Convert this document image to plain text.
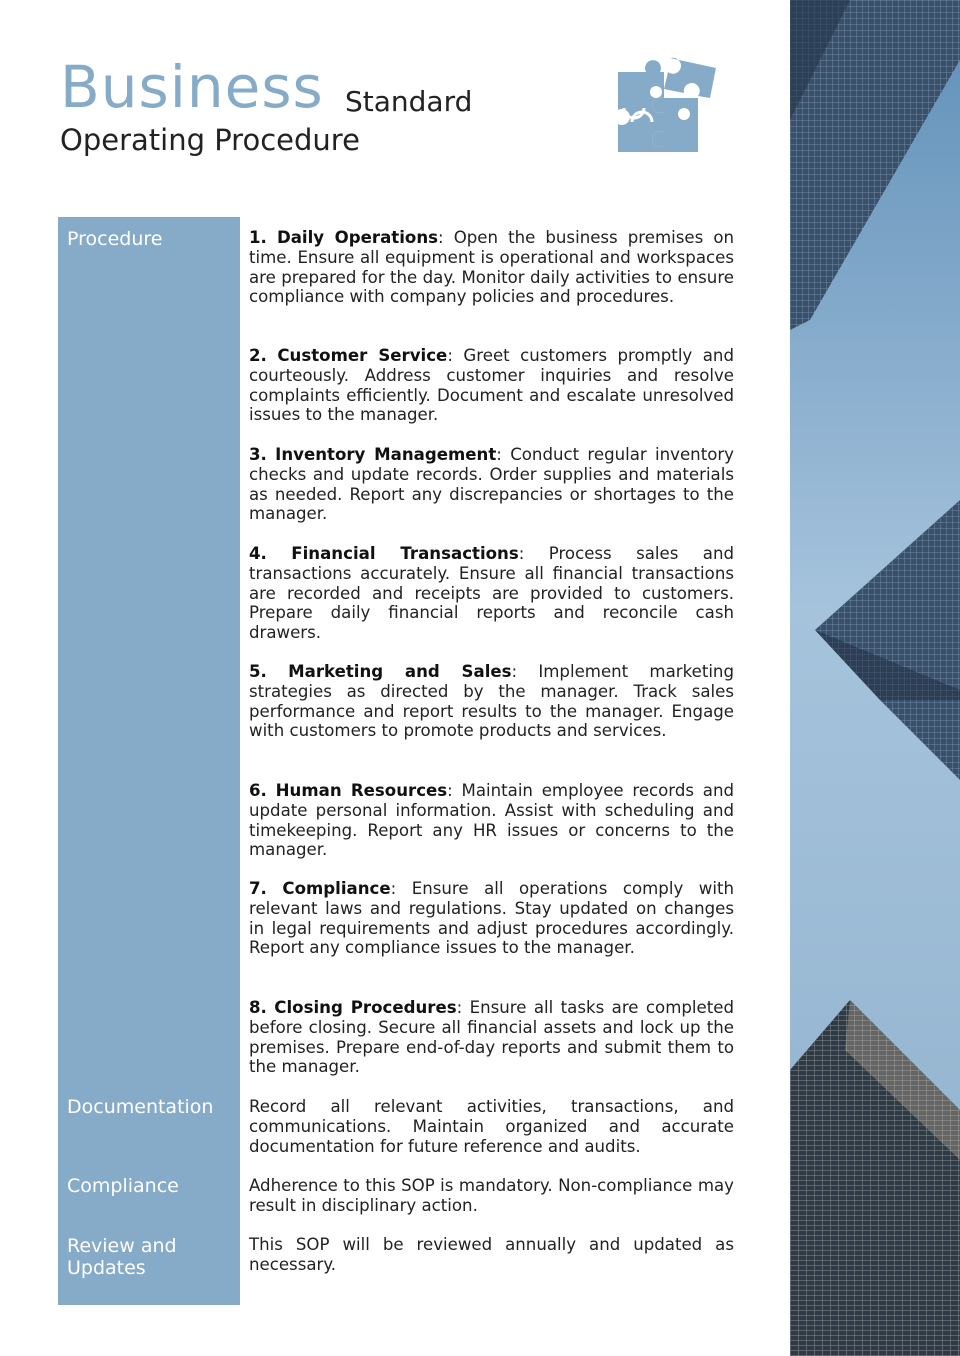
Business Standard
Operating Procedure
Procedure
Documentation
Compliance
Review and
Updates
1. Daily Operations: Open the business premises on time. Ensure all equipment is operational and workspaces are prepared for the day. Monitor daily activities to ensure compliance with company policies and procedures.
2. Customer Service: Greet customers promptly and courteously. Address customer inquiries and resolve complaints efficiently. Document and escalate unresolved issues to the manager.
3. Inventory Management: Conduct regular inventory checks and update records. Order supplies and materials as needed. Report any discrepancies or shortages to the manager.
4. Financial Transactions: Process sales and transactions accurately. Ensure all financial transactions are recorded and receipts are provided to customers. Prepare daily financial reports and reconcile cash drawers.
5. Marketing and Sales: Implement marketing strategies as directed by the manager. Track sales performance and report results to the manager. Engage with customers to promote products and services.
6. Human Resources: Maintain employee records and update personal information. Assist with scheduling and timekeeping. Report any HR issues or concerns to the manager.
7. Compliance: Ensure all operations comply with relevant laws and regulations. Stay updated on changes in legal requirements and adjust procedures accordingly. Report any compliance issues to the manager.
8. Closing Procedures: Ensure all tasks are completed before closing. Secure all financial assets and lock up the premises. Prepare end-of-day reports and submit them to the manager.
Record all relevant activities, transactions, and communications. Maintain organized and accurate documentation for future reference and audits.
Adherence to this SOP is mandatory. Non-compliance may result in disciplinary action.
This SOP will be reviewed annually and updated as necessary.
